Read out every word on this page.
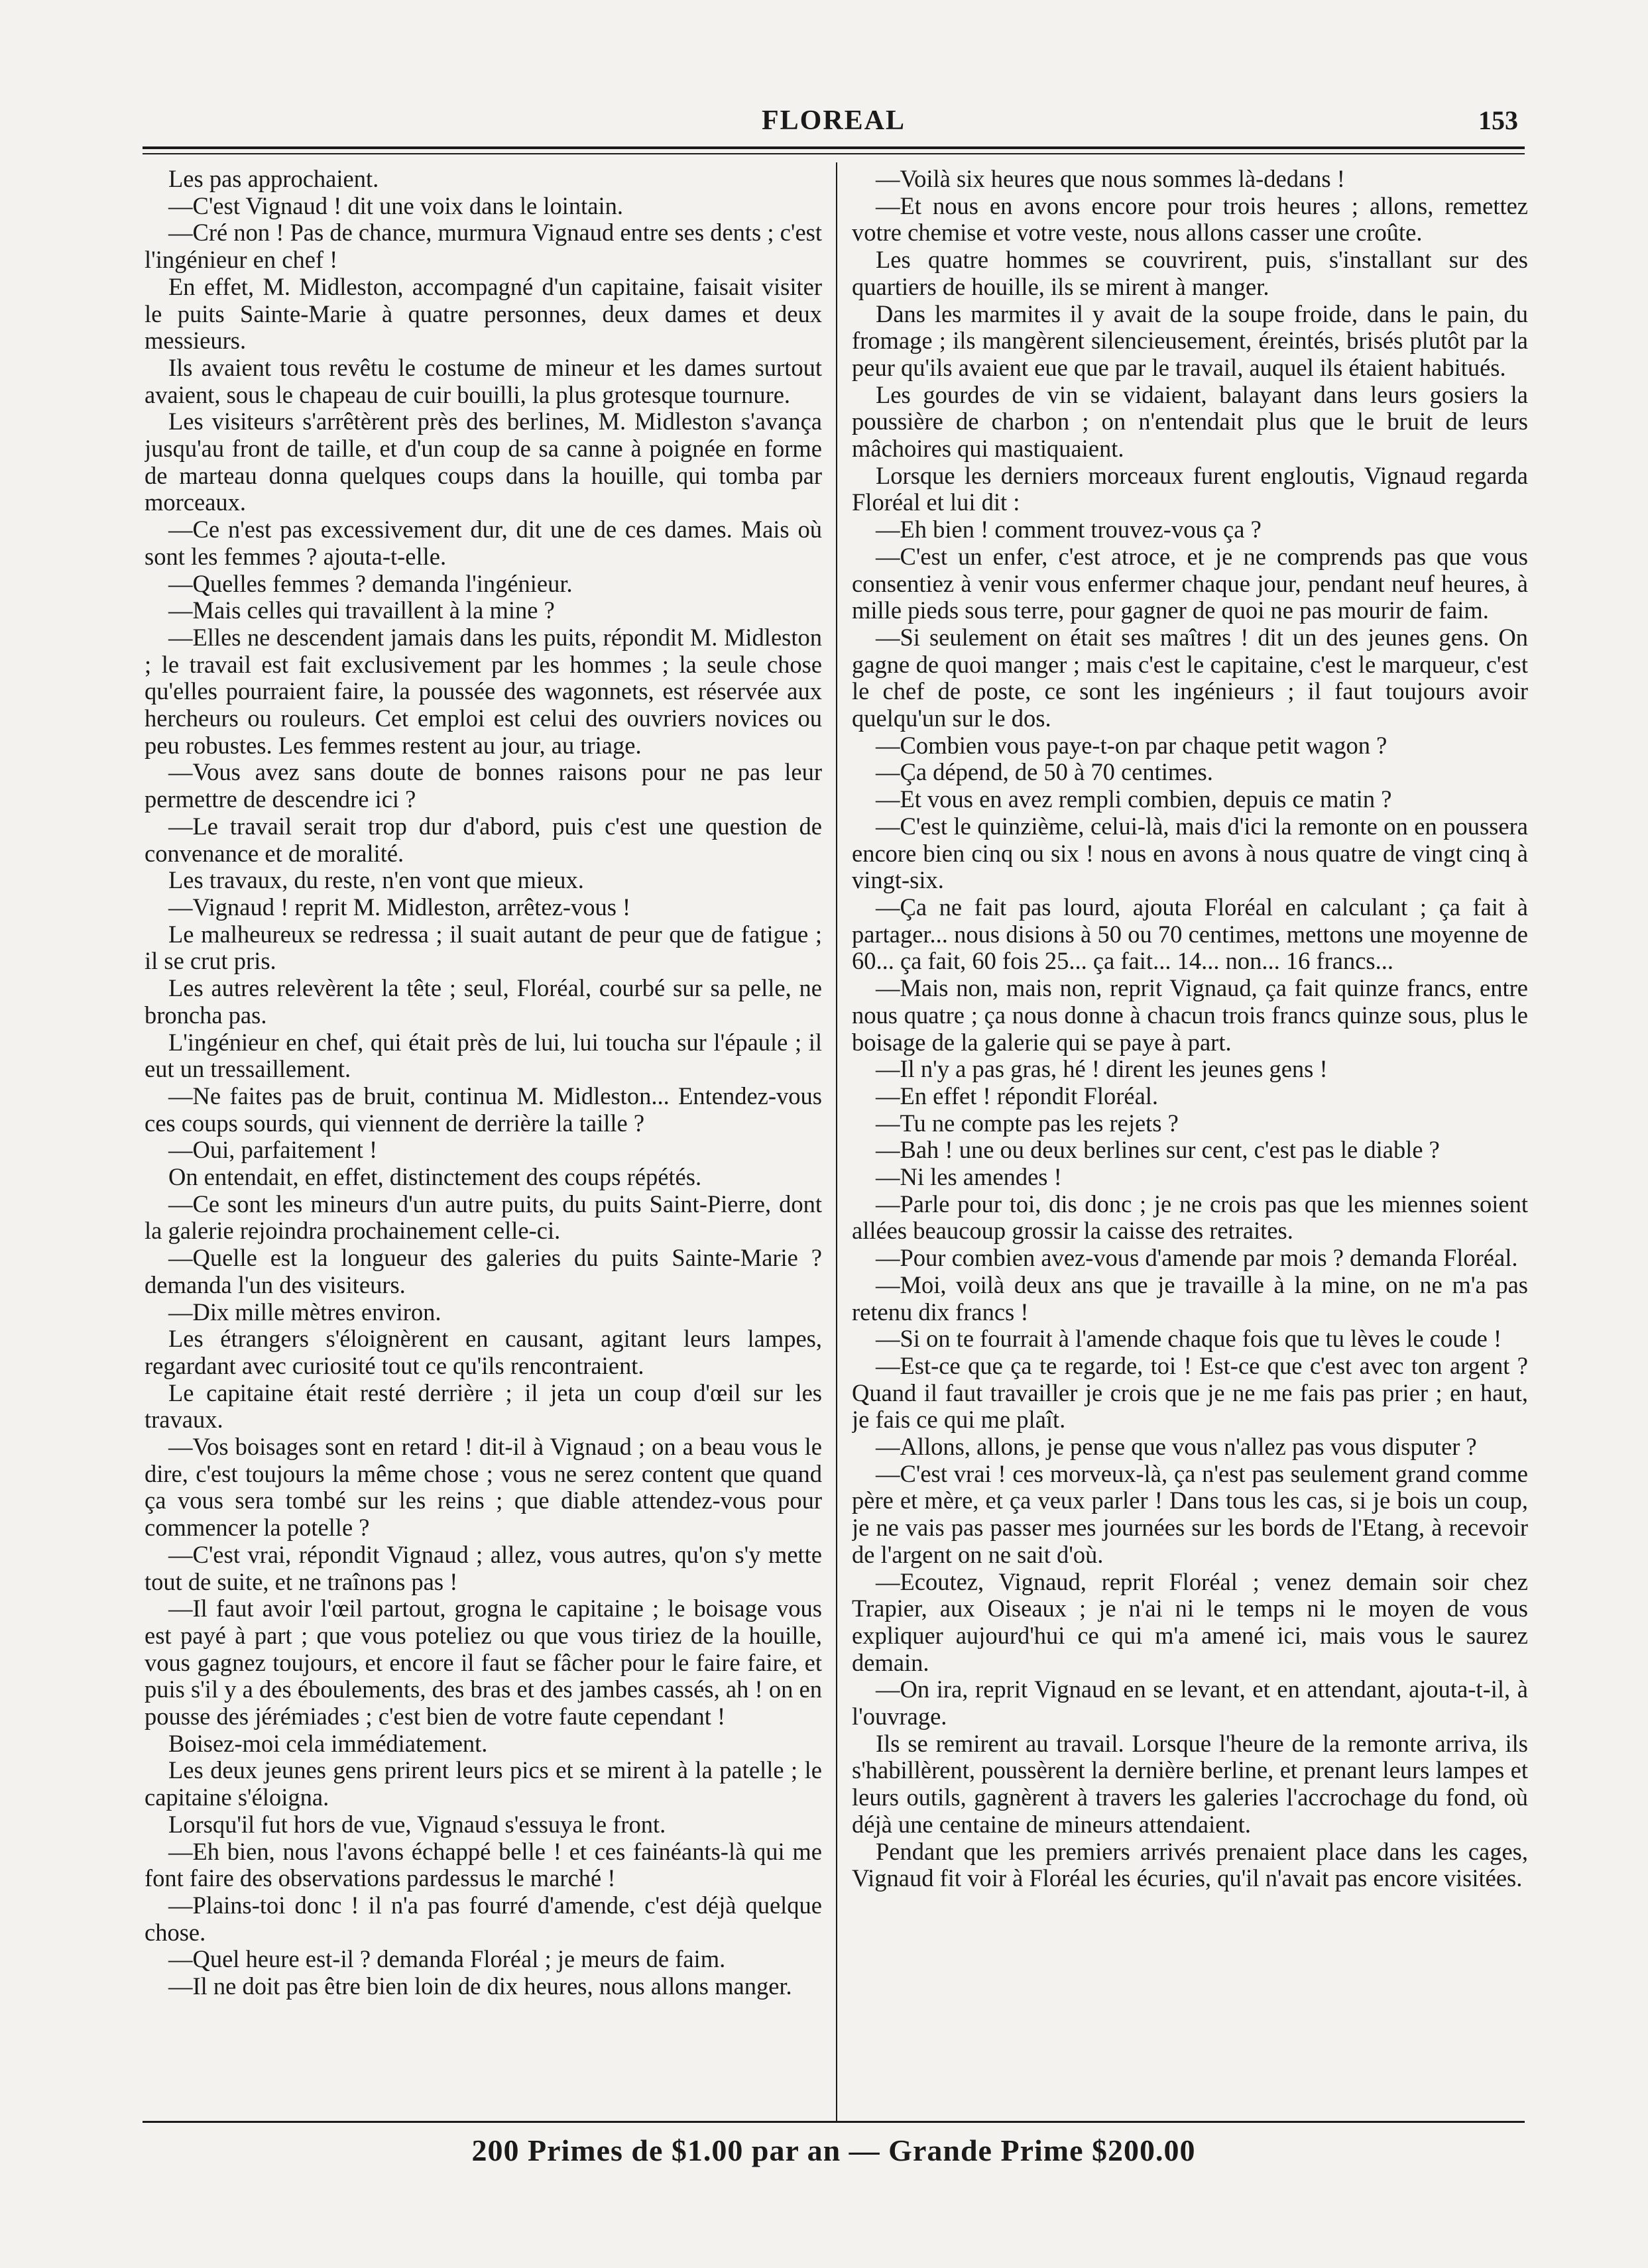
FLOREAL	153

Les pas approchaient.

—C'est Vignaud ! dit une voix dans le lointain.

—Cré non ! Pas de chance, murmura Vignaud entre ses dents ; c'est l'ingénieur en chef !

En effet, M. Midleston, accompagné d'un capitaine, faisait visiter le puits Sainte-Marie à quatre personnes, deux dames et deux messieurs.

Ils avaient tous revêtu le costume de mineur et les dames surtout avaient, sous le chapeau de cuir bouilli, la plus grotesque tournure.

Les visiteurs s'arrêtèrent près des berlines, M. Midleston s'avança jusqu'au front de taille, et d'un coup de sa canne à poignée en forme de marteau donna quelques coups dans la houille, qui tomba par morceaux.

—Ce n'est pas excessivement dur, dit une de ces dames. Mais où sont les femmes ? ajouta-t-elle.

—Quelles femmes ? demanda l'ingénieur.

—Mais celles qui travaillent à la mine ?

—Elles ne descendent jamais dans les puits, répondit M. Midleston ; le travail est fait exclusivement par les hommes ; la seule chose qu'elles pourraient faire, la poussée des wagonnets, est réservée aux hercheurs ou rouleurs. Cet emploi est celui des ouvriers novices ou peu robustes. Les femmes restent au jour, au triage.

—Vous avez sans doute de bonnes raisons pour ne pas leur permettre de descendre ici ?

—Le travail serait trop dur d'abord, puis c'est une question de convenance et de moralité.

Les travaux, du reste, n'en vont que mieux.

—Vignaud ! reprit M. Midleston, arrêtez-vous !

Le malheureux se redressa ; il suait autant de peur que de fatigue ; il se crut pris.

Les autres relevèrent la tête ; seul, Floréal, courbé sur sa pelle, ne broncha pas.

L'ingénieur en chef, qui était près de lui, lui toucha sur l'épaule ; il eut un tressaillement.

—Ne faites pas de bruit, continua M. Midleston... Entendez-vous ces coups sourds, qui viennent de derrière la taille ?

—Oui, parfaitement !

On entendait, en effet, distinctement des coups répétés.

—Ce sont les mineurs d'un autre puits, du puits Saint-Pierre, dont la galerie rejoindra prochainement celle-ci.

—Quelle est la longueur des galeries du puits Sainte-Marie ? demanda l'un des visiteurs.

—Dix mille mètres environ.

Les étrangers s'éloignèrent en causant, agitant leurs lampes, regardant avec curiosité tout ce qu'ils rencontraient.

Le capitaine était resté derrière ; il jeta un coup d'œil sur les travaux.

—Vos boisages sont en retard ! dit-il à Vignaud ; on a beau vous le dire, c'est toujours la même chose ; vous ne serez content que quand ça vous sera tombé sur les reins ; que diable attendez-vous pour commencer la potelle ?

—C'est vrai, répondit Vignaud ; allez, vous autres, qu'on s'y mette tout de suite, et ne traînons pas !

—Il faut avoir l'œil partout, grogna le capitaine ; le boisage vous est payé à part ; que vous poteliez ou que vous tiriez de la houille, vous gagnez toujours, et encore il faut se fâcher pour le faire faire, et puis s'il y a des éboulements, des bras et des jambes cassés, ah ! on en pousse des jérémiades ; c'est bien de votre faute cependant !

Boisez-moi cela immédiatement.

Les deux jeunes gens prirent leurs pics et se mirent à la patelle ; le capitaine s'éloigna.

Lorsqu'il fut hors de vue, Vignaud s'essuya le front.

—Eh bien, nous l'avons échappé belle ! et ces fainéants-là qui me font faire des observations pardessus le marché !

—Plains-toi donc ! il n'a pas fourré d'amende, c'est déjà quelque chose.

—Quel heure est-il ? demanda Floréal ; je meurs de faim.

—Il ne doit pas être bien loin de dix heures, nous allons manger.

—Voilà six heures que nous sommes là-dedans !

—Et nous en avons encore pour trois heures ; allons, remettez votre chemise et votre veste, nous allons casser une croûte.

Les quatre hommes se couvrirent, puis, s'installant sur des quartiers de houille, ils se mirent à manger.

Dans les marmites il y avait de la soupe froide, dans le pain, du fromage ; ils mangèrent silencieusement, éreintés, brisés plutôt par la peur qu'ils avaient eue que par le travail, auquel ils étaient habitués.

Les gourdes de vin se vidaient, balayant dans leurs gosiers la poussière de charbon ; on n'entendait plus que le bruit de leurs mâchoires qui mastiquaient.

Lorsque les derniers morceaux furent engloutis, Vignaud regarda Floréal et lui dit :

—Eh bien ! comment trouvez-vous ça ?

—C'est un enfer, c'est atroce, et je ne comprends pas que vous consentiez à venir vous enfermer chaque jour, pendant neuf heures, à mille pieds sous terre, pour gagner de quoi ne pas mourir de faim.

—Si seulement on était ses maîtres ! dit un des jeunes gens. On gagne de quoi manger ; mais c'est le capitaine, c'est le marqueur, c'est le chef de poste, ce sont les ingénieurs ; il faut toujours avoir quelqu'un sur le dos.

—Combien vous paye-t-on par chaque petit wagon ?

—Ça dépend, de 50 à 70 centimes.

—Et vous en avez rempli combien, depuis ce matin ?

—C'est le quinzième, celui-là, mais d'ici la remonte on en poussera encore bien cinq ou six ! nous en avons à nous quatre de vingt cinq à vingt-six.

—Ça ne fait pas lourd, ajouta Floréal en calculant ; ça fait à partager... nous disions à 50 ou 70 centimes, mettons une moyenne de 60... ça fait, 60 fois 25... ça fait... 14... non... 16 francs...

—Mais non, mais non, reprit Vignaud, ça fait quinze francs, entre nous quatre ; ça nous donne à chacun trois francs quinze sous, plus le boisage de la galerie qui se paye à part.

—Il n'y a pas gras, hé ! dirent les jeunes gens !

—En effet ! répondit Floréal.

—Tu ne compte pas les rejets ?

—Bah ! une ou deux berlines sur cent, c'est pas le diable ?

—Ni les amendes !

—Parle pour toi, dis donc ; je ne crois pas que les miennes soient allées beaucoup grossir la caisse des retraites.

—Pour combien avez-vous d'amende par mois ? demanda Floréal.

—Moi, voilà deux ans que je travaille à la mine, on ne m'a pas retenu dix francs !

—Si on te fourrait à l'amende chaque fois que tu lèves le coude !

—Est-ce que ça te regarde, toi ! Est-ce que c'est avec ton argent ? Quand il faut travailler je crois que je ne me fais pas prier ; en haut, je fais ce qui me plaît.

—Allons, allons, je pense que vous n'allez pas vous disputer ?

—C'est vrai ! ces morveux-là, ça n'est pas seulement grand comme père et mère, et ça veux parler ! Dans tous les cas, si je bois un coup, je ne vais pas passer mes journées sur les bords de l'Etang, à recevoir de l'argent on ne sait d'où.

—Ecoutez, Vignaud, reprit Floréal ; venez demain soir chez Trapier, aux Oiseaux ; je n'ai ni le temps ni le moyen de vous expliquer aujourd'hui ce qui m'a amené ici, mais vous le saurez demain.

—On ira, reprit Vignaud en se levant, et en attendant, ajouta-t-il, à l'ouvrage.

Ils se remirent au travail. Lorsque l'heure de la remonte arriva, ils s'habillèrent, poussèrent la dernière berline, et prenant leurs lampes et leurs outils, gagnèrent à travers les galeries l'accrochage du fond, où déjà une centaine de mineurs attendaient.

Pendant que les premiers arrivés prenaient place dans les cages, Vignaud fit voir à Floréal les écuries, qu'il n'avait pas encore visitées.

200 Primes de $1.00 par an — Grande Prime $200.00
